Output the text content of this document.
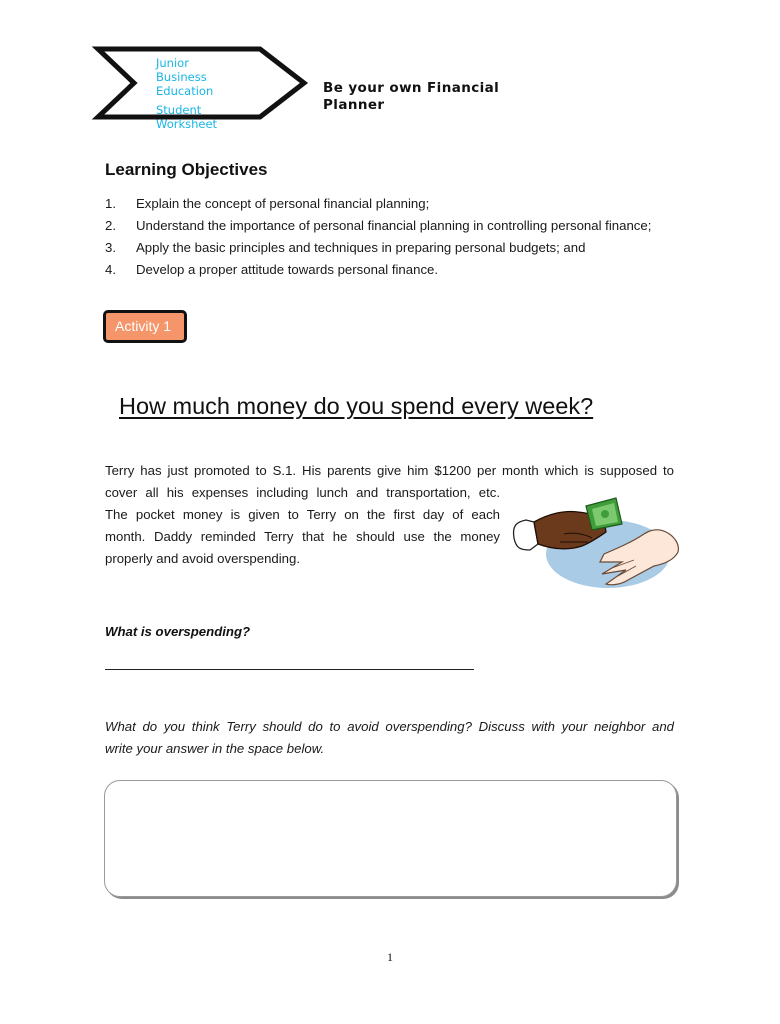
Junior
Business
Education
Student
Worksheet
Be your own Financial Planner
Learning Objectives
1. Explain the concept of personal financial planning;
2. Understand the importance of personal financial planning in controlling personal finance;
3. Apply the basic principles and techniques in preparing personal budgets; and
4. Develop a proper attitude towards personal finance.
Activity 1
How much money do you spend every week?
Terry has just promoted to S.1. His parents give him $1200 per month which is supposed to
cover all his expenses including lunch and transportation, etc.
The pocket money is given to Terry on the first day of each
month. Daddy reminded Terry that he should use the money
properly and avoid overspending.
What is overspending?
What do you think Terry should do to avoid overspending? Discuss with your neighbor and
write your answer in the space below.
1
